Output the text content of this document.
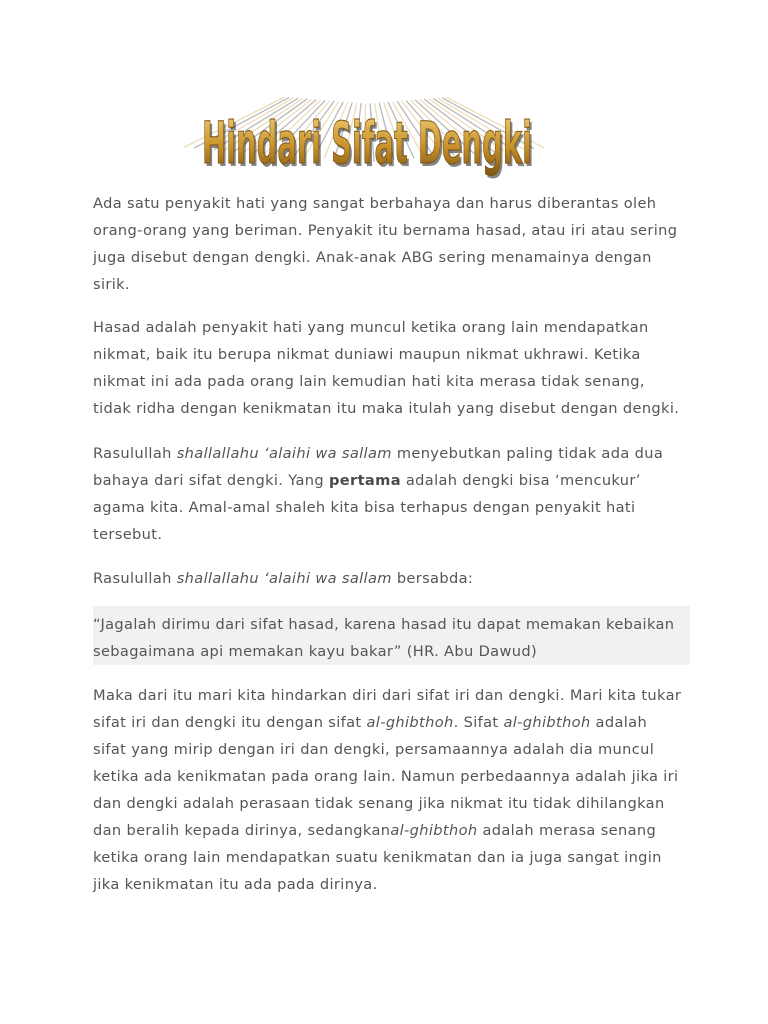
Hindari Sifat Dengki
Hindari Sifat Dengki

Ada satu penyakit hati yang sangat berbahaya dan harus diberantas oleh orang-orang yang beriman. Penyakit itu bernama hasad, atau iri atau sering juga disebut dengan dengki. Anak-anak ABG sering menamainya dengan sirik.

Hasad adalah penyakit hati yang muncul ketika orang lain mendapatkan nikmat, baik itu berupa nikmat duniawi maupun nikmat ukhrawi. Ketika nikmat ini ada pada orang lain kemudian hati kita merasa tidak senang, tidak ridha dengan kenikmatan itu maka itulah yang disebut dengan dengki.

Rasulullah shallallahu ‘alaihi wa sallam menyebutkan paling tidak ada dua bahaya dari sifat dengki. Yang pertama adalah dengki bisa ‘mencukur’ agama kita. Amal-amal shaleh kita bisa terhapus dengan penyakit hati tersebut.

Rasulullah shallallahu ‘alaihi wa sallam bersabda:

“Jagalah dirimu dari sifat hasad, karena hasad itu dapat memakan kebaikan sebagaimana api memakan kayu bakar” (HR. Abu Dawud)

Maka dari itu mari kita hindarkan diri dari sifat iri dan dengki. Mari kita tukar sifat iri dan dengki itu dengan sifat al-ghibthoh. Sifat al-ghibthoh adalah sifat yang mirip dengan iri dan dengki, persamaannya adalah dia muncul ketika ada kenikmatan pada orang lain. Namun perbedaannya adalah jika iri dan dengki adalah perasaan tidak senang jika nikmat itu tidak dihilangkan dan beralih kepada dirinya, sedangkanal-ghibthoh adalah merasa senang ketika orang lain mendapatkan suatu kenikmatan dan ia juga sangat ingin jika kenikmatan itu ada pada dirinya.
